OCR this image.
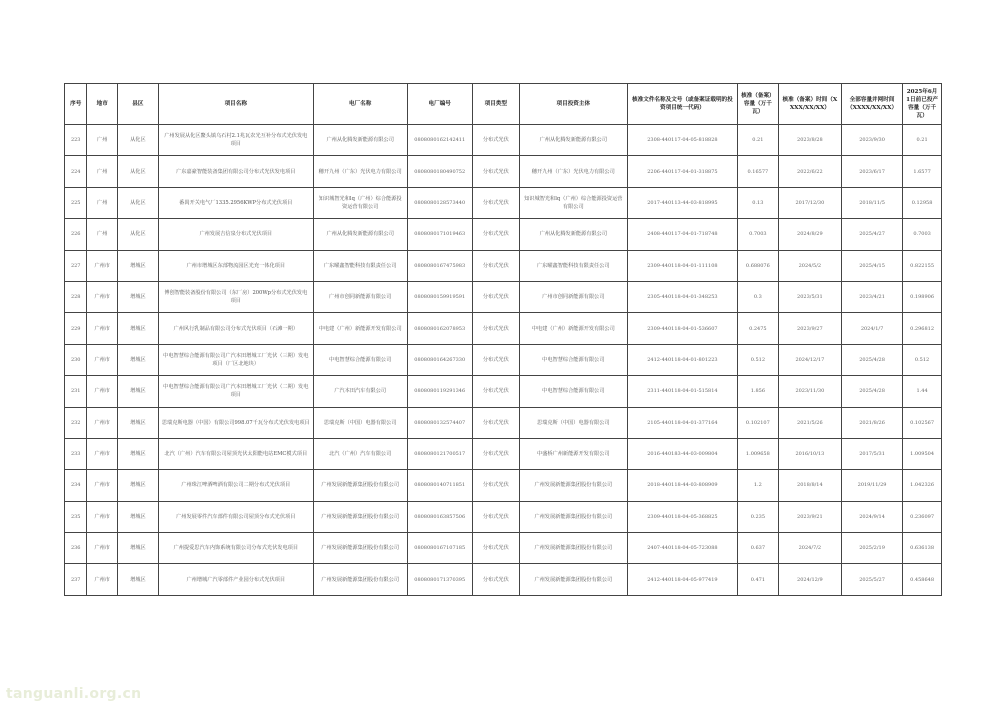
序号	地市	县区	项目名称	电厂名称	电厂编号	项目类型	项目投资主体	核准文件名称及文号（或备案证载明的投资项目统一代码）	核准（备案）容量（万千瓦）	核准（备案）时间（XXXX/XX/XX）	全部容量并网时间（XXXX/XX/XX）	2025年6月1日前已投产容量（万千瓦）
223	广州	从化区	广州发展从化区鳌头镇乌石村2.1兆瓦农光互补分布式光伏发电项目	广州从化腾发新能源有限公司	0808080162142411	分布式光伏	广州从化腾发新能源有限公司	2308-440117-04-05-818828	0.21	2023/8/28	2023/9/30	0.21
224	广州	从化区	广东嘉豪智能装备集团有限公司分布式光伏发电项目	穗开九州（广东）光伏电力有限公司	0808080180490752	分布式光伏	穗开九州（广东）光伏电力有限公司	2206-440117-04-01-318875	0.16577	2022/6/22	2023/6/17	1.6577
225	广州	从化区	番禺开关电气厂1335.2956KWP分布式光伏项目	知识城智光和lq（广州）综合能源投资运营有限公司	0808080128573440	分布式光伏	知识城智光和lq（广州）综合能源投资运营有限公司	2017-440113-44-03-818995	0.13	2017/12/30	2018/11/5	0.12958
226	广州	从化区	广州发展吉信泉分布式光伏项目	广州从化腾发新能源有限公司	0808080171019463	分布式光伏	广州从化腾发新能源有限公司	2408-440117-04-01-718748	0.7003	2024/8/29	2025/4/27	0.7003
227	广州市	增城区	广州市增城区东部物流园区光充一体化项目	广东曜鑫智能科技有限责任公司	0808080167475983	分布式光伏	广东曜鑫智能科技有限责任公司	2309-440118-04-01-111108	0.688076	2024/5/2	2025/4/15	0.822155
228	广州市	增城区	博创智能装备股份有限公司（东厂房）200Wp分布式光伏发电项目	广州市创同新能源有限公司	0808080159919591	分布式光伏	广州市创同新能源有限公司	2305-440118-04-01-348253	0.3	2023/5/31	2023/4/21	0.198906
229	广州市	增城区	广州风行乳制品有限公司分布式光伏项目（石滩一期）	中电建（广州）新能源开发有限公司	0808080162078953	分布式光伏	中电建（广州）新能源开发有限公司	2309-440118-04-01-536607	0.2475	2023/9/27	2024/1/7	0.296812
230	广州市	增城区	中电智慧综合能源有限公司广汽本田增城工厂光伏（三期）发电项目（厂区北地块）	中电智慧综合能源有限公司	0808080164267330	分布式光伏	中电智慧综合能源有限公司	2412-440118-04-01-801223	0.512	2024/12/17	2025/4/28	0.512
231	广州市	增城区	中电智慧综合能源有限公司广汽本田增城工厂光伏（二期）发电项目	广汽本田汽车有限公司	0808080119291346	分布式光伏	中电智慧综合能源有限公司	2311-440118-04-01-515814	1.856	2023/11/30	2025/4/28	1.44
232	广州市	增城区	思瑞克斯电器（中国）有限公司998.07千瓦分布式光伏发电项目	思瑞克斯（中国）电器有限公司	0808080132574407	分布式光伏	思瑞克斯（中国）电器有限公司	2105-440118-04-01-377164	0.102107	2021/5/26	2021/8/26	0.102567
233	广州市	增城区	北汽（广州）汽车有限公司屋顶光伏太阳能电站EMC模式项目	北汽（广州）汽车有限公司	0808080121700517	分布式光伏	中盛桥广州新能源开发有限公司	2016-440183-44-03-009804	1.009658	2016/10/13	2017/5/31	1.009504
234	广州市	增城区	广州珠江啤酒啤酒有限公司二期分布式光伏项目	广州发展新能源集团股份有限公司	0808080140711851	分布式光伏	广州发展新能源集团股份有限公司	2018-440118-44-03-808909	1.2	2018/8/14	2019/11/29	1.042326
235	广州市	增城区	广州发展零件汽车部件有限公司屋顶分布式光伏项目	广州发展新能源集团股份有限公司	0808080163857506	分布式光伏	广州发展新能源集团股份有限公司	2309-440118-04-05-368825	0.235	2023/9/21	2024/9/14	0.236097
236	广州市	增城区	广州提爱思汽车内饰系统有限公司分布式光伏发电项目	广州发展新能源集团股份有限公司	0808080167107185	分布式光伏	广州发展新能源集团股份有限公司	2407-440118-04-05-723088	0.637	2024/7/2	2025/2/19	0.636138
237	广州市	增城区	广州增城广汽零部件产业园分布式光伏项目	广州发展新能源集团股份有限公司	0808080171370395	分布式光伏	广州发展新能源集团股份有限公司	2412-440118-04-05-977419	0.471	2024/12/9	2025/5/27	0.458648
tanguanli.org.cn
